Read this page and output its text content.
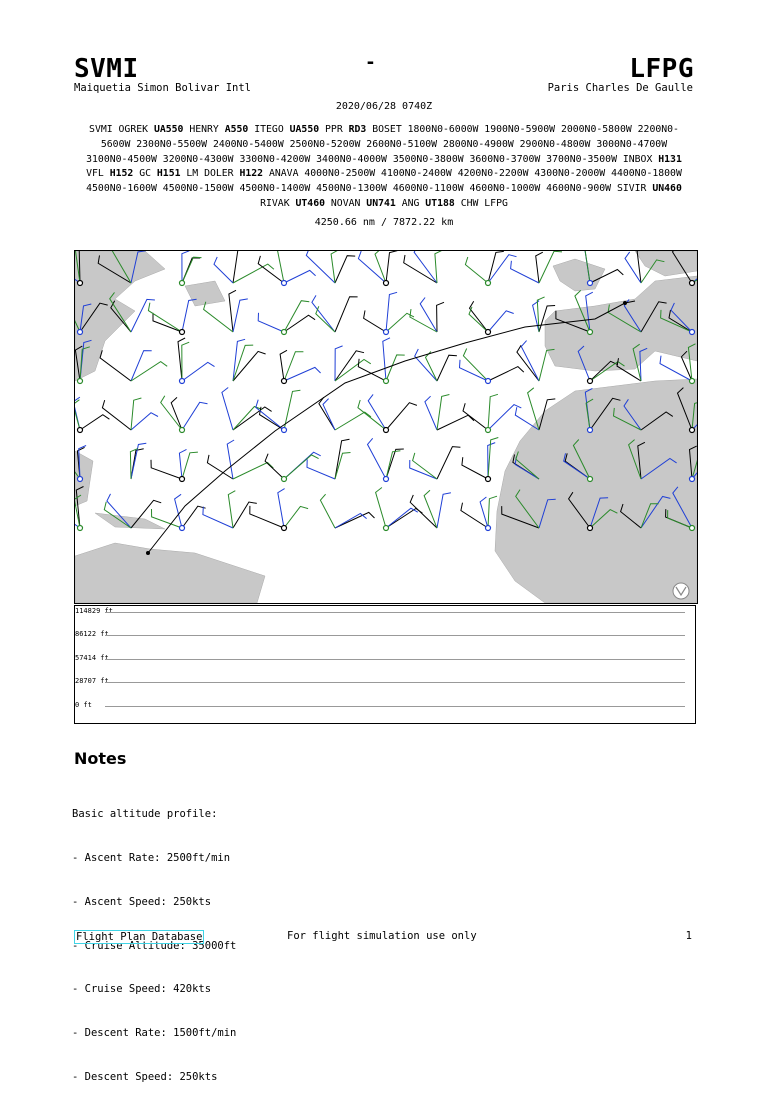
SVMI	-	LFPG
Maiquetia Simon Bolivar Intl	Paris Charles De Gaulle
2020/06/28 0740Z
SVMI OGREK UA550 HENRY A550 ITEGO UA550 PPR RD3 BOSET 1800N0-6000W 1900N0-5900W 2000N0-5800W 2200N0-5600W 2300N0-5500W 2400N0-5400W 2500N0-5200W 2600N0-5100W 2800N0-4900W 2900N0-4800W 3000N0-4700W 3100N0-4500W 3200N0-4300W 3300N0-4200W 3400N0-4000W 3500N0-3800W 3600N0-3700W 3700N0-3500W INBOX H131 VFL H152 GC H151 LM DOLER H122 ANAVA 4000N0-2500W 4100N0-2400W 4200N0-2200W 4300N0-2000W 4400N0-1800W 4500N0-1600W 4500N0-1500W 4500N0-1400W 4500N0-1300W 4600N0-1100W 4600N0-1000W 4600N0-900W SIVIR UN460 RIVAK UT460 NOVAN UN741 ANG UT188 CHW LFPG
4250.66 nm / 7872.22 km
114829 ft
86122 ft
57414 ft
28707 ft
0 ft
Notes

Basic altitude profile:

- Ascent Rate: 2500ft/min

- Ascent Speed: 250kts

- Cruise Altitude: 35000ft

- Cruise Speed: 420kts

- Descent Rate: 1500ft/min

- Descent Speed: 250kts

Flight Plan Database	For flight simulation use only	1
